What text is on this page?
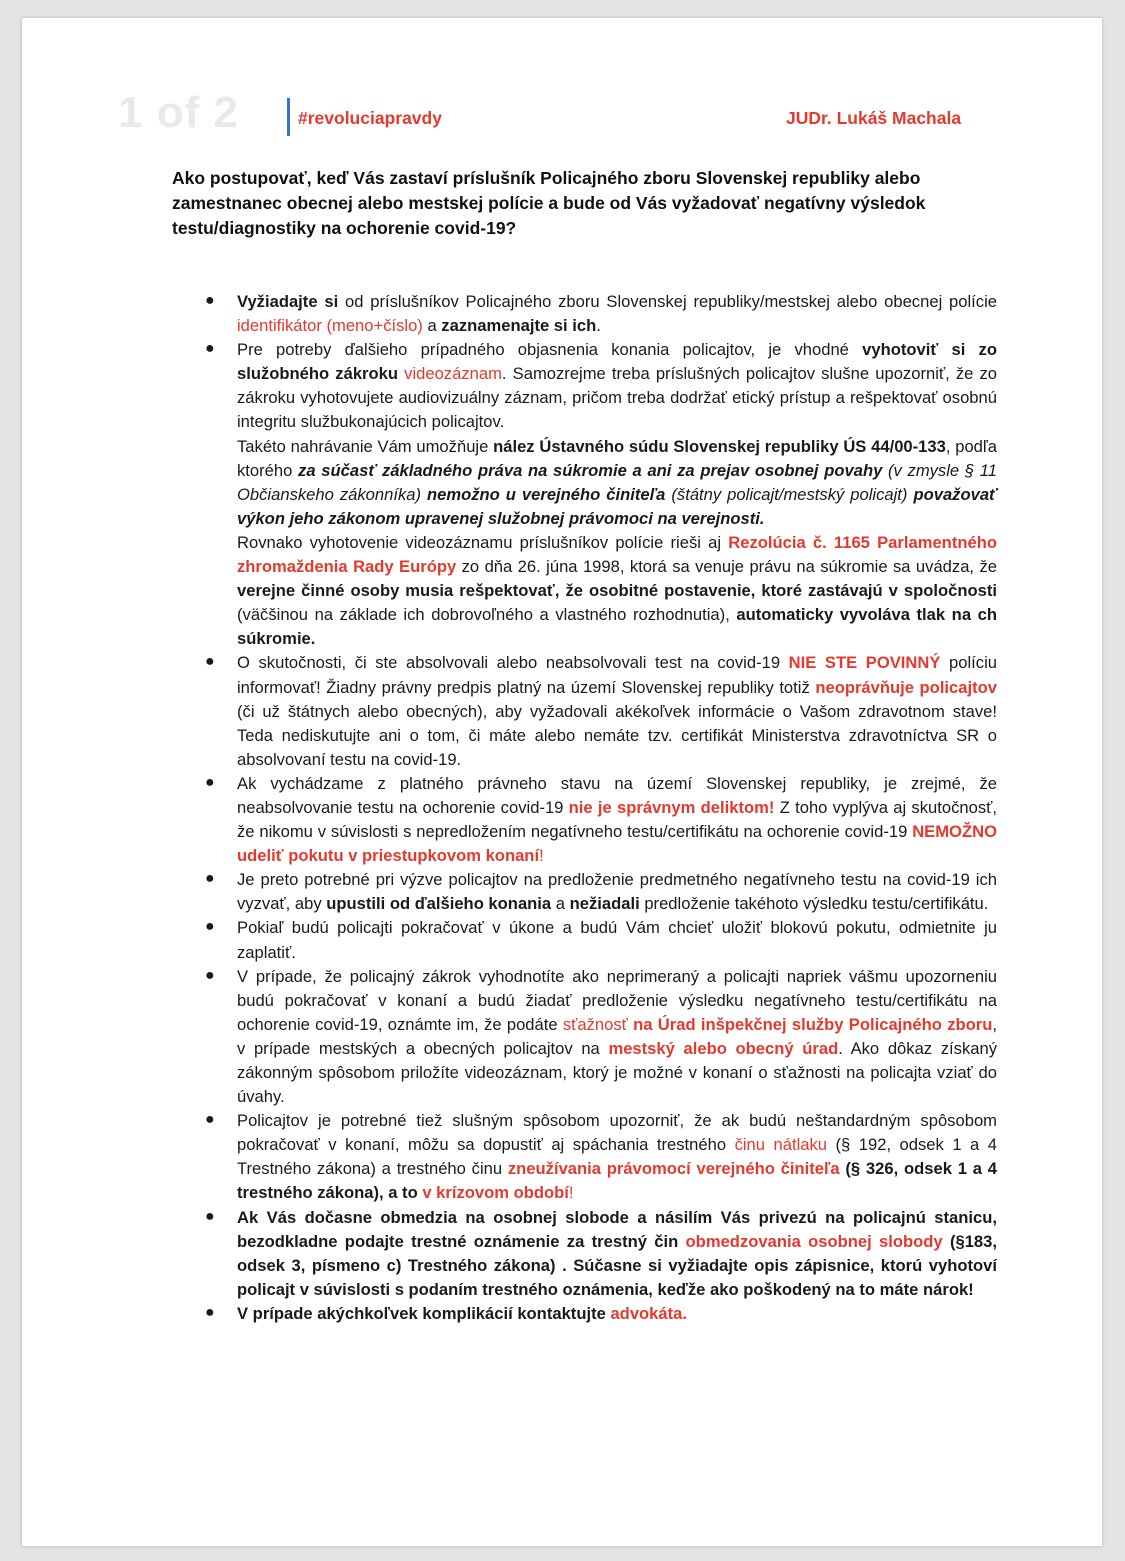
1 of 2	#revoluciapravdy	JUDr. Lukáš Machala
Ako postupovať, keď Vás zastaví príslušník Policajného zboru Slovenskej republiky alebo zamestnanec obecnej alebo mestskej polície a bude od Vás vyžadovať negatívny výsledok testu/diagnostiky na ochorenie covid-19?
● Vyžiadajte si od príslušníkov Policajného zboru Slovenskej republiky/mestskej alebo obecnej polície identifikátor (meno+číslo) a zaznamenajte si ich.
● Pre potreby ďalšieho prípadného objasnenia konania policajtov, je vhodné vyhotoviť si zo služobného zákroku videozáznam. Samozrejme treba príslušných policajtov slušne upozorniť, že zo zákroku vyhotovujete audiovizuálny záznam, pričom treba dodržať etický prístup a rešpektovať osobnú integritu službukonajúcich policajtov.
Takéto nahrávanie Vám umožňuje nález Ústavného súdu Slovenskej republiky ÚS 44/00-133, podľa ktorého za súčasť základného práva na súkromie a ani za prejav osobnej povahy (v zmysle § 11 Občianskeho zákonníka) nemožno u verejného činiteľa (štátny policajt/mestský policajt) považovať výkon jeho zákonom upravenej služobnej právomoci na verejnosti.
Rovnako vyhotovenie videozáznamu príslušníkov polície rieši aj Rezolúcia č. 1165 Parlamentného zhromaždenia Rady Európy zo dňa 26. júna 1998, ktorá sa venuje právu na súkromie sa uvádza, že verejne činné osoby musia rešpektovať, že osobitné postavenie, ktoré zastávajú v spoločnosti (väčšinou na základe ich dobrovoľného a vlastného rozhodnutia), automaticky vyvoláva tlak na ch súkromie.
● O skutočnosti, či ste absolvovali alebo neabsolvovali test na covid-19 NIE STE POVINNÝ políciu informovať! Žiadny právny predpis platný na území Slovenskej republiky totiž neoprávňuje policajtov (či už štátnych alebo obecných), aby vyžadovali akékoľvek informácie o Vašom zdravotnom stave! Teda nediskutujte ani o tom, či máte alebo nemáte tzv. certifikát Ministerstva zdravotníctva SR o absolvovaní testu na covid-19.
● Ak vychádzame z platného právneho stavu na území Slovenskej republiky, je zrejmé, že neabsolvovanie testu na ochorenie covid-19 nie je správnym deliktom! Z toho vyplýva aj skutočnosť, že nikomu v súvislosti s nepredložením negatívneho testu/certifikátu na ochorenie covid-19 NEMOŽNO udeliť pokutu v priestupkovom konaní!
● Je preto potrebné pri výzve policajtov na predloženie predmetného negatívneho testu na covid-19 ich vyzvať, aby upustili od ďalšieho konania a nežiadali predloženie takéhoto výsledku testu/certifikátu.
● Pokiaľ budú policajti pokračovať v úkone a budú Vám chcieť uložiť blokovú pokutu, odmietnite ju zaplatiť.
● V prípade, že policajný zákrok vyhodnotíte ako neprimeraný a policajti napriek vášmu upozorneniu budú pokračovať v konaní a budú žiadať predloženie výsledku negatívneho testu/certifikátu na ochorenie covid-19, oznámte im, že podáte sťažnosť na Úrad inšpekčnej služby Policajného zboru, v prípade mestských a obecných policajtov na mestský alebo obecný úrad. Ako dôkaz získaný zákonným spôsobom priložíte videozáznam, ktorý je možné v konaní o sťažnosti na policajta vziať do úvahy.
● Policajtov je potrebné tiež slušným spôsobom upozorniť, že ak budú neštandardným spôsobom pokračovať v konaní, môžu sa dopustiť aj spáchania trestného činu nátlaku (§ 192, odsek 1 a 4 Trestného zákona) a trestného činu zneužívania právomocí verejného činiteľa (§ 326, odsek 1 a 4 trestného zákona), a to v krízovom období!
● Ak Vás dočasne obmedzia na osobnej slobode a násilím Vás privezú na policajnú stanicu, bezodkladne podajte trestné oznámenie za trestný čin obmedzovania osobnej slobody (§183, odsek 3, písmeno c) Trestného zákona) . Súčasne si vyžiadajte opis zápisnice, ktorú vyhotoví policajt v súvislosti s podaním trestného oznámenia, keďže ako poškodený na to máte nárok!
● V prípade akýchkoľvek komplikácií kontaktujte advokáta.
